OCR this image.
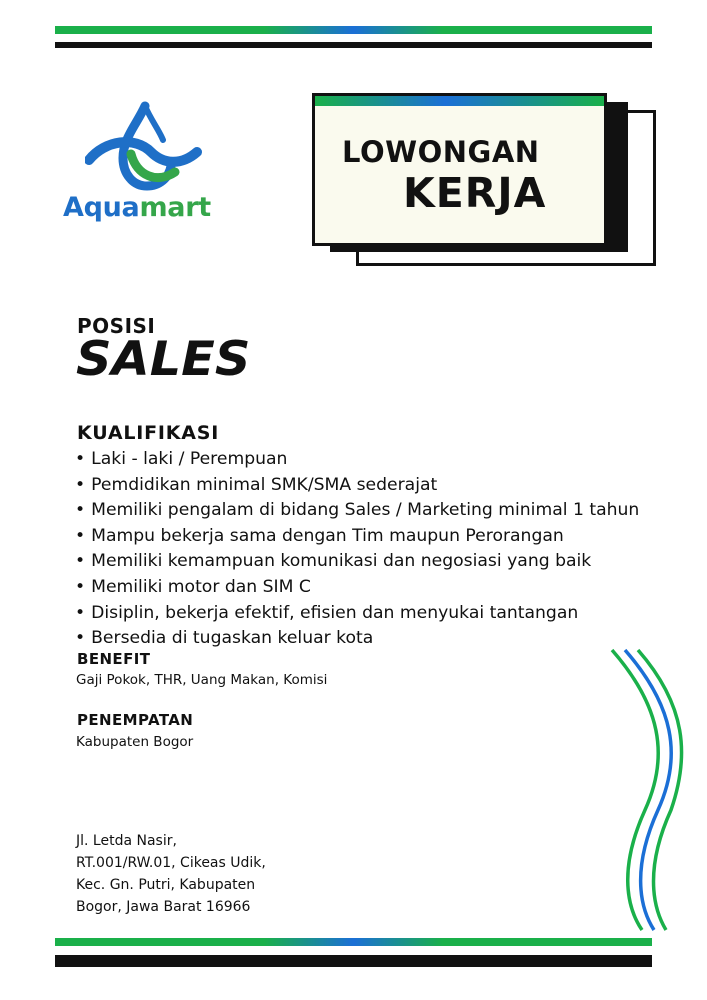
Aquamart
LOWONGAN
KERJA
POSISI
SALES
KUALIFIKASI
• Laki - laki / Perempuan
• Pemdidikan minimal SMK/SMA sederajat
• Memiliki pengalam di bidang Sales / Marketing minimal 1 tahun
• Mampu bekerja sama dengan Tim maupun Perorangan
• Memiliki kemampuan komunikasi dan negosiasi yang baik
• Memiliki motor dan SIM C
• Disiplin, bekerja efektif, efisien dan menyukai tantangan
• Bersedia di tugaskan keluar kota
BENEFIT
Gaji Pokok, THR, Uang Makan, Komisi
PENEMPATAN
Kabupaten Bogor
Jl. Letda Nasir,
RT.001/RW.01, Cikeas Udik,
Kec. Gn. Putri, Kabupaten
Bogor, Jawa Barat 16966
